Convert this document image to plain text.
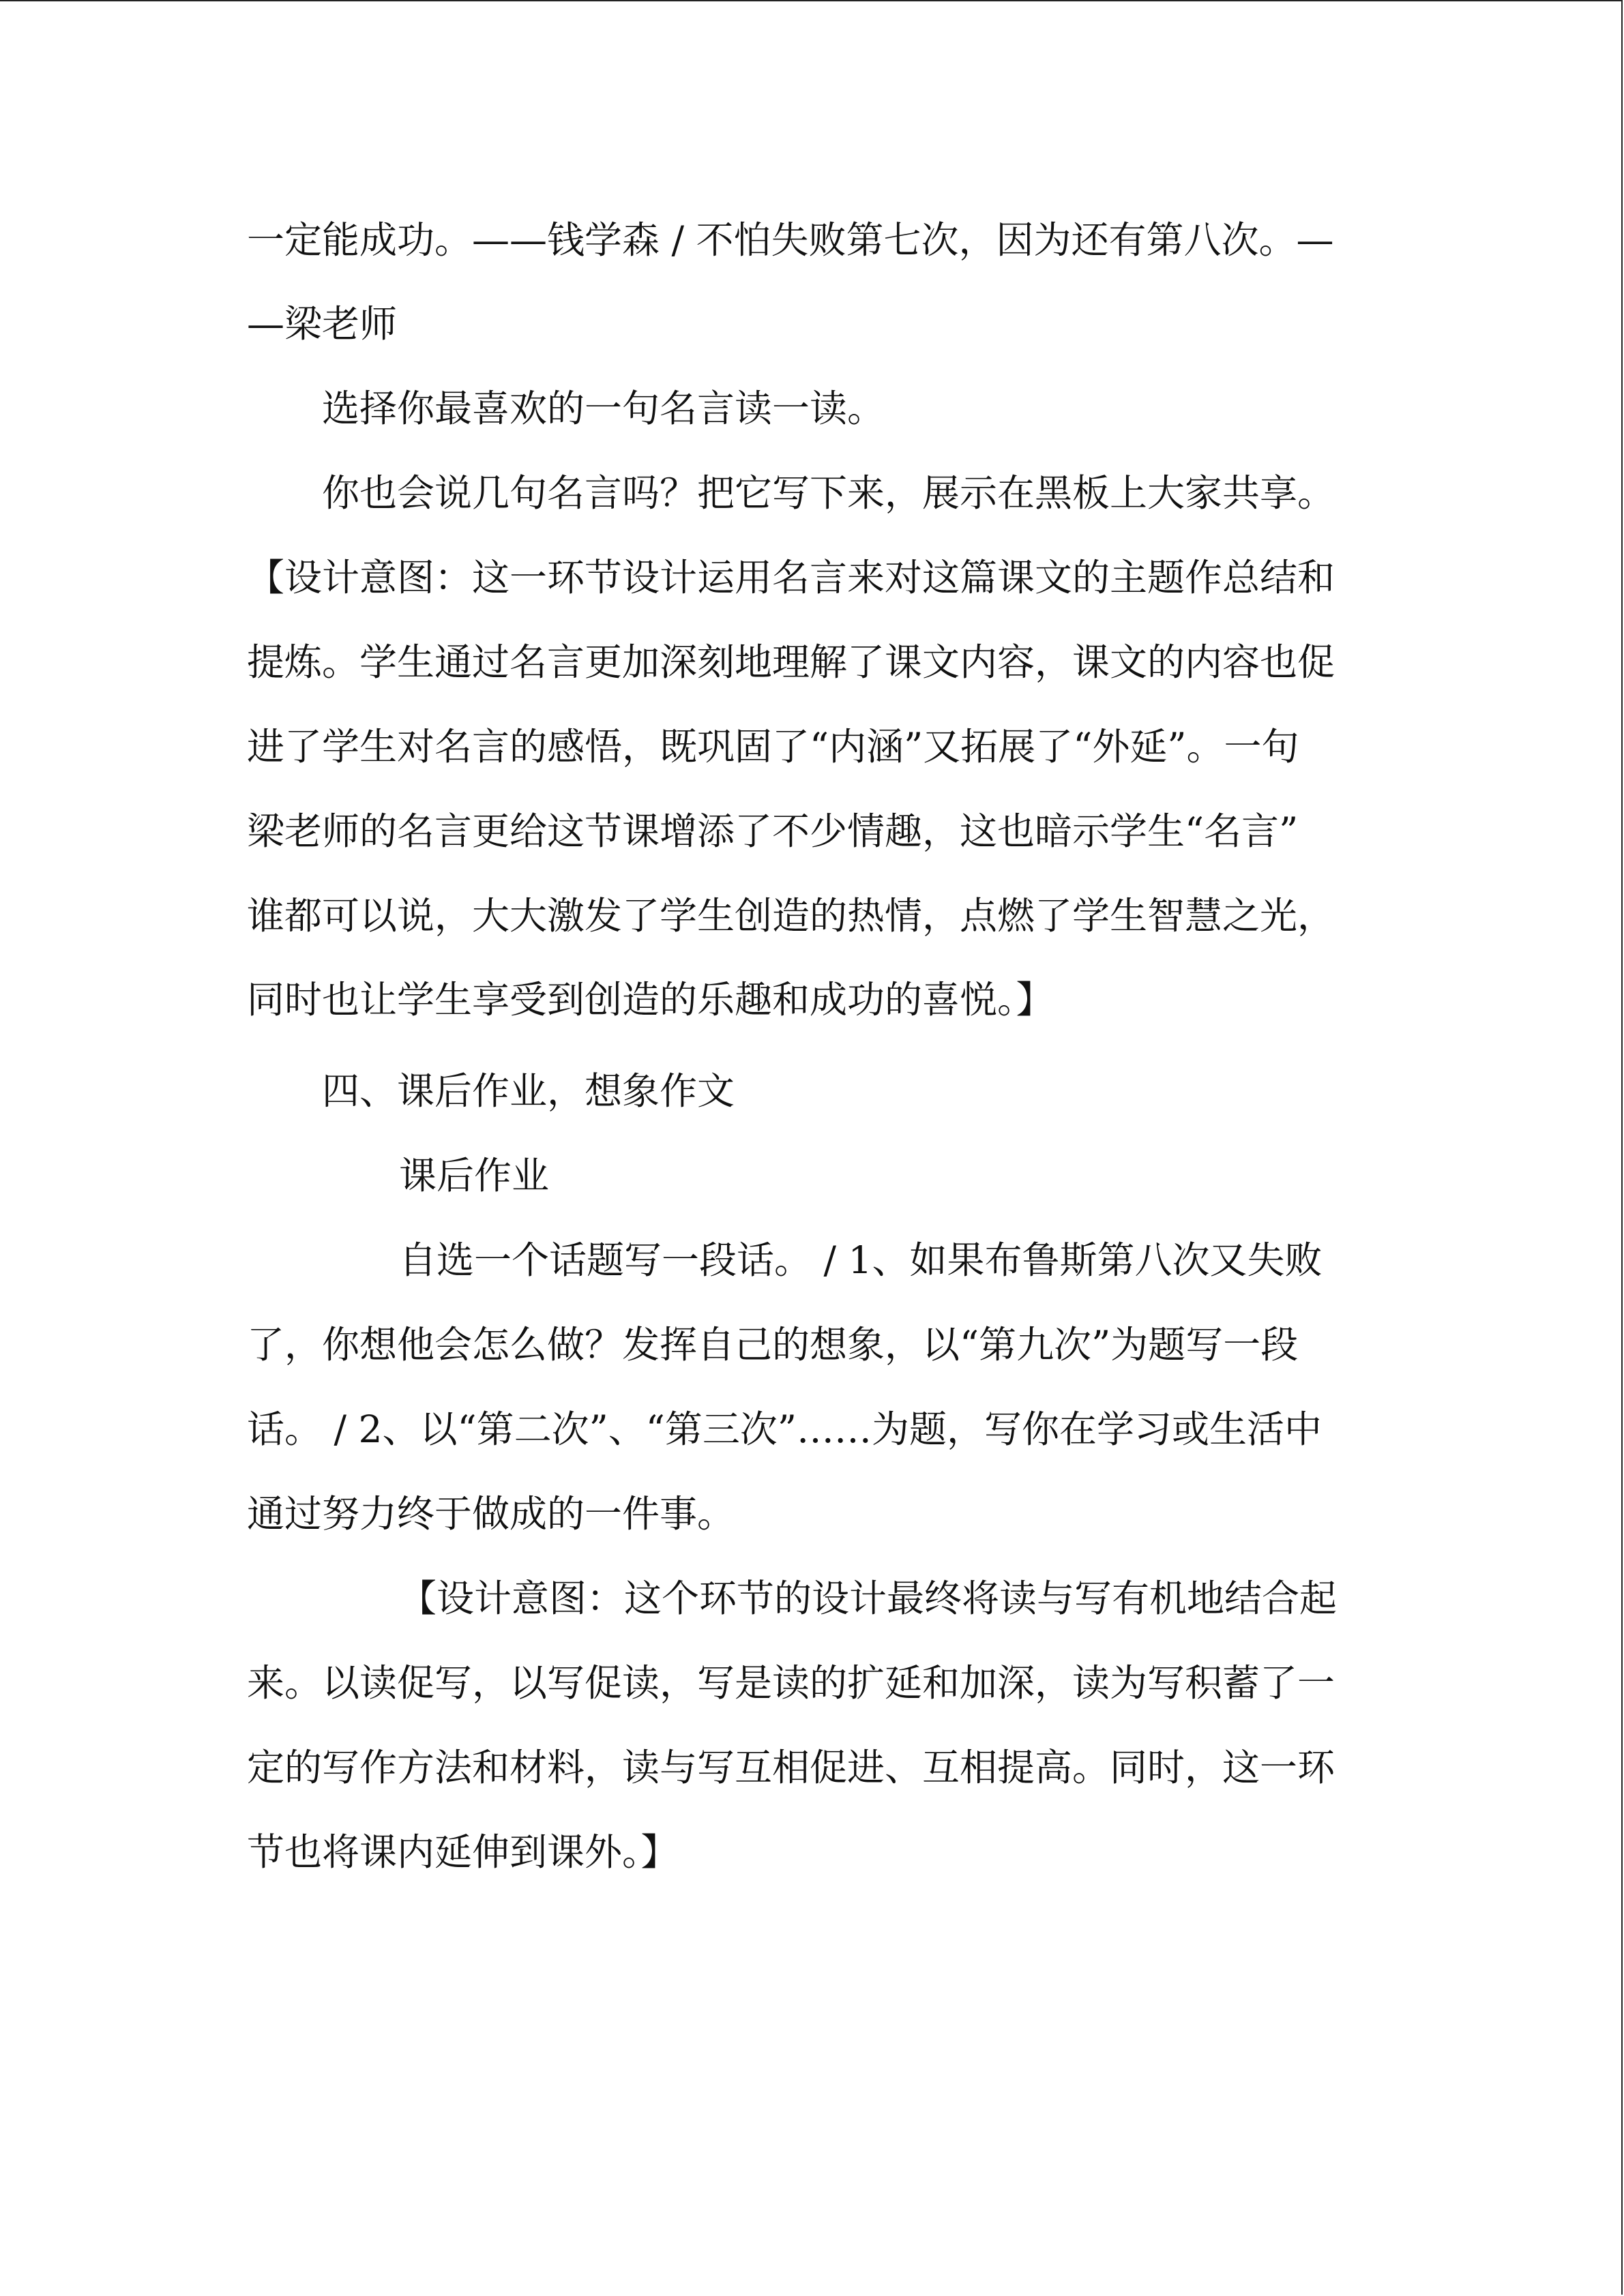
一定能成功。——钱学森 / 不怕失败第七次，因为还有第八次。—
—梁老师
选择你最喜欢的一句名言读一读。
你也会说几句名言吗？把它写下来，展示在黑板上大家共享。
【设计意图：这一环节设计运用名言来对这篇课文的主题作总结和
提炼。学生通过名言更加深刻地理解了课文内容，课文的内容也促
进了学生对名言的感悟，既巩固了“内涵”又拓展了“外延”。一句
梁老师的名言更给这节课增添了不少情趣，这也暗示学生“名言”
谁都可以说，大大激发了学生创造的热情，点燃了学生智慧之光，
同时也让学生享受到创造的乐趣和成功的喜悦。】
四、课后作业，想象作文
课后作业
自选一个话题写一段话。 / 1、如果布鲁斯第八次又失败
了，你想他会怎么做？发挥自己的想象，以“第九次”为题写一段
话。 / 2、以“第二次”、“第三次”……为题，写你在学习或生活中
通过努力终于做成的一件事。
【设计意图：这个环节的设计最终将读与写有机地结合起
来。以读促写，以写促读，写是读的扩延和加深，读为写积蓄了一
定的写作方法和材料，读与写互相促进、互相提高。同时，这一环
节也将课内延伸到课外。】
